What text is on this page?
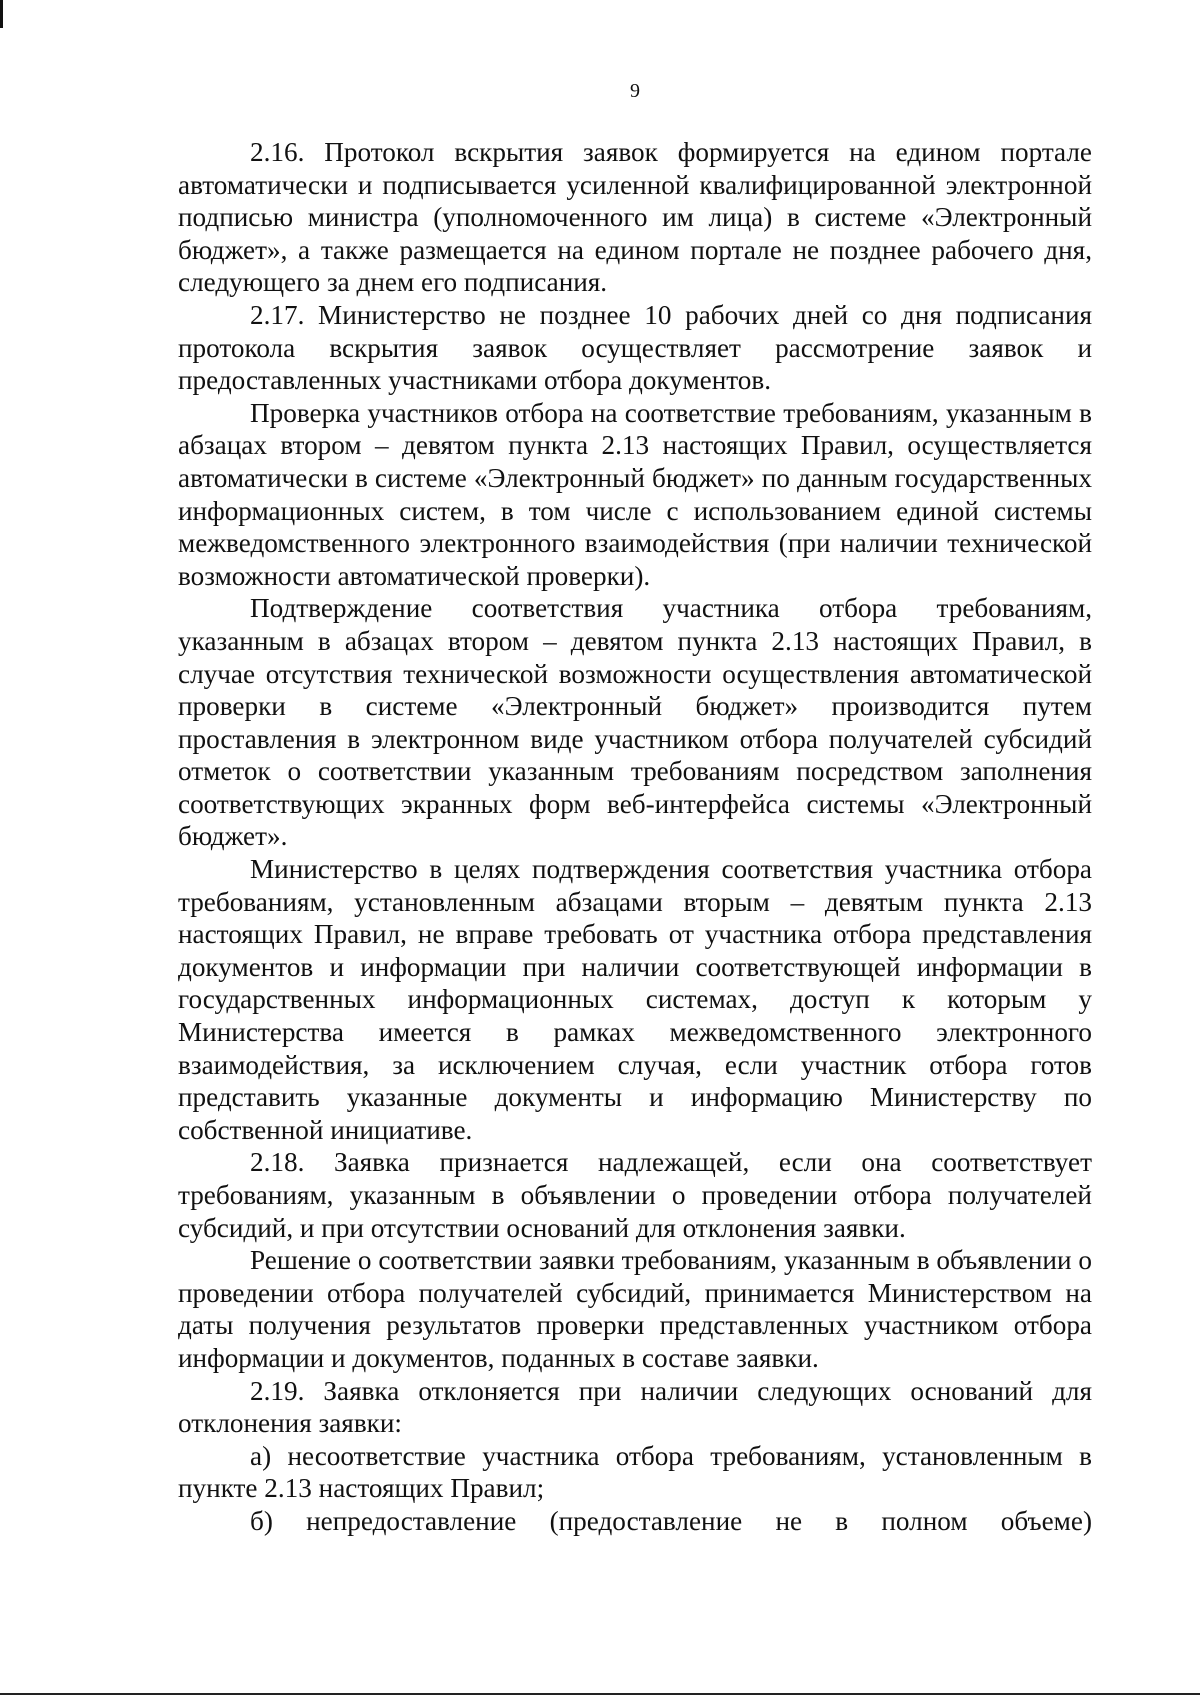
9

2.16. Протокол вскрытия заявок формируется на едином портале автоматически и подписывается усиленной квалифицированной электронной подписью министра (уполномоченного им лица) в системе «Электронный бюджет», а также размещается на едином портале не позднее рабочего дня, следующего за днем его подписания.

2.17. Министерство не позднее 10 рабочих дней со дня подписания протокола вскрытия заявок осуществляет рассмотрение заявок и предоставленных участниками отбора документов.

Проверка участников отбора на соответствие требованиям, указанным в абзацах втором – девятом пункта 2.13 настоящих Правил, осуществляется автоматически в системе «Электронный бюджет» по данным государственных информационных систем, в том числе с использованием единой системы межведомственного электронного взаимодействия (при наличии технической возможности автоматической проверки).

Подтверждение соответствия участника отбора требованиям, указанным в абзацах втором – девятом пункта 2.13 настоящих Правил, в случае отсутствия технической возможности осуществления автоматической проверки в системе «Электронный бюджет» производится путем проставления в электронном виде участником отбора получателей субсидий отметок о соответствии указанным требованиям посредством заполнения соответствующих экранных форм веб-интерфейса системы «Электронный бюджет».

Министерство в целях подтверждения соответствия участника отбора требованиям, установленным абзацами вторым – девятым пункта 2.13 настоящих Правил, не вправе требовать от участника отбора представления документов и информации при наличии соответствующей информации в государственных информационных системах, доступ к которым у Министерства имеется в рамках межведомственного электронного взаимодействия, за исключением случая, если участник отбора готов представить указанные документы и информацию Министерству по собственной инициативе.

2.18. Заявка признается надлежащей, если она соответствует требованиям, указанным в объявлении о проведении отбора получателей субсидий, и при отсутствии оснований для отклонения заявки.

Решение о соответствии заявки требованиям, указанным в объявлении о проведении отбора получателей субсидий, принимается Министерством на даты получения результатов проверки представленных участником отбора информации и документов, поданных в составе заявки.

2.19. Заявка отклоняется при наличии следующих оснований для отклонения заявки:

а) несоответствие участника отбора требованиям, установленным в пункте 2.13 настоящих Правил;

б) непредоставление (предоставление не в полном объеме)
